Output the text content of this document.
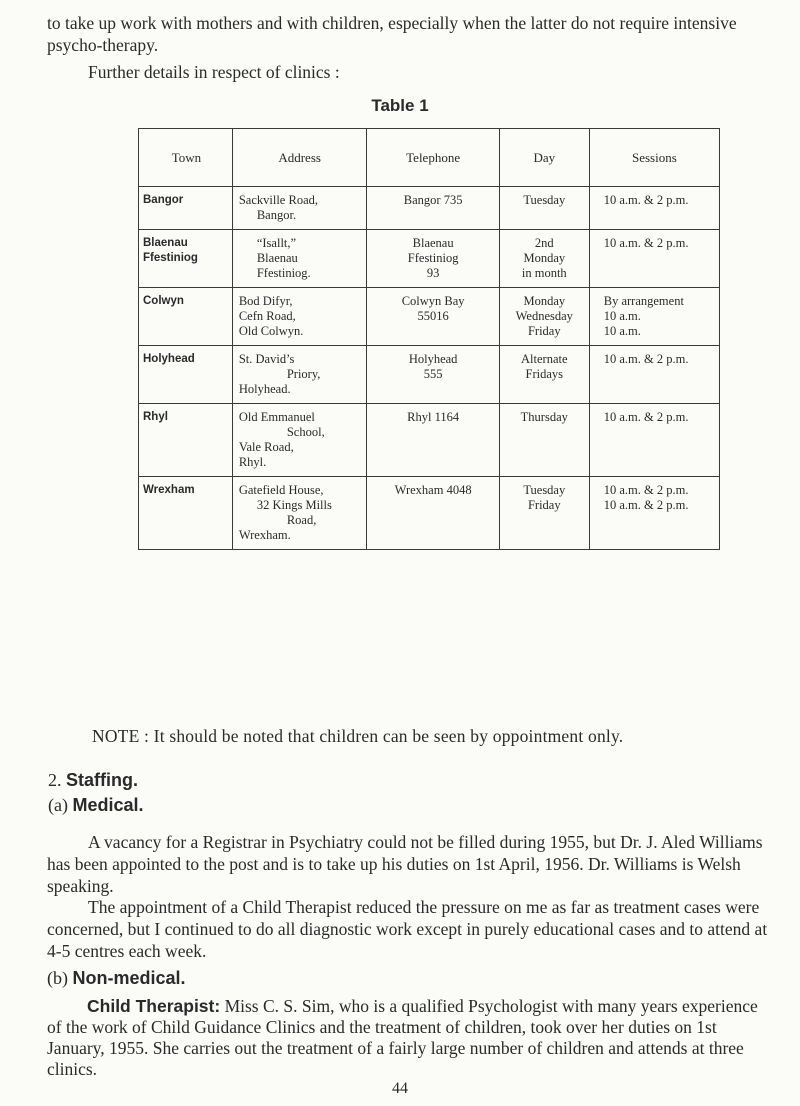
to take up work with mothers and with children, especially when the latter do not require intensive psycho-therapy.

Further details in respect of clinics :

Table 1
Town	Address	Telephone	Day	Sessions

Bangor	Sackville Road,
Bangor.	Bangor 735	Tuesday	10 a.m. & 2 p.m.

Blaenau
Ffestiniog	“Isallt,”
Blaenau
Ffestiniog.	Blaenau
Ffestiniog
93	2nd
Monday
in month	10 a.m. & 2 p.m.

Colwyn	Bod Difyr,
Cefn Road,
Old Colwyn.	Colwyn Bay
55016	Monday
Wednesday
Friday	By arrangement
10 a.m.
10 a.m.

Holyhead	St. David’s
Priory,
Holyhead.	Holyhead
555	Alternate
Fridays	10 a.m. & 2 p.m.

Rhyl	Old Emmanuel
School,
Vale Road,
Rhyl.	Rhyl 1164	Thursday	10 a.m. & 2 p.m.

Wrexham	Gatefield House,
32 Kings Mills
Road,
Wrexham.	Wrexham 4048	Tuesday
Friday	10 a.m. & 2 p.m.
10 a.m. & 2 p.m.

NOTE : It should be noted that children can be seen by oppointment only.

2. Staffing.
(a) Medical.

A vacancy for a Registrar in Psychiatry could not be filled during 1955, but Dr. J. Aled Williams has been appointed to the post and is to take up his duties on 1st April, 1956. Dr. Williams is Welsh speaking.

The appointment of a Child Therapist reduced the pressure on me as far as treatment cases were concerned, but I continued to do all diagnostic work except in purely educational cases and to attend at 4-5 centres each week.

(b) Non-medical.

Child Therapist: Miss C. S. Sim, who is a qualified Psychologist with many years experience of the work of Child Guidance Clinics and the treatment of children, took over her duties on 1st January, 1955. She carries out the treatment of a fairly large number of children and attends at three clinics.

44
